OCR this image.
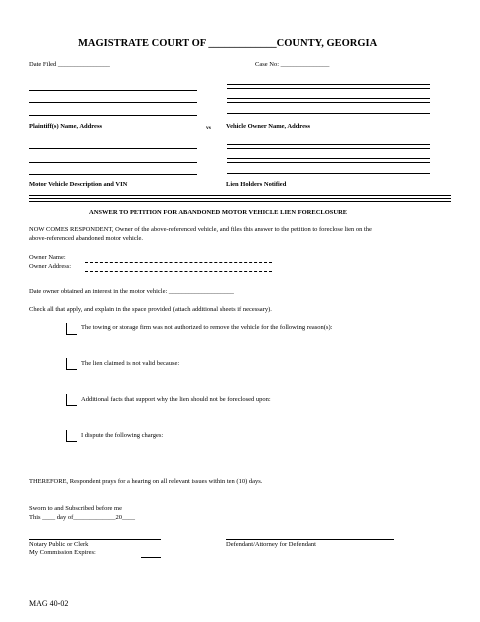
MAGISTRATE COURT OF _____________COUNTY, GEORGIA
Date Filed ________________	Case No: _______________
Plaintiff(s) Name, Address	vs Vehicle Owner Name, Address
Motor Vehicle Description and VIN	Lien Holders Notified
ANSWER TO PETITION FOR ABANDONED MOTOR VEHICLE LIEN FORECLOSURE
NOW COMES RESPONDENT, Owner of the above-referenced vehicle, and files this answer to the petition to foreclose lien on the
above-referenced abandoned motor vehicle.
Owner Name:
Owner Address:
Date owner obtained an interest in the motor vehicle: ____________________
Check all that apply, and explain in the space provided (attach additional sheets if necessary).
The towing or storage firm was not authorized to remove the vehicle for the following reason(s):
The lien claimed is not valid because:
Additional facts that support why the lien should not be foreclosed upon:
I dispute the following charges:
THEREFORE, Respondent prays for a hearing on all relevant issues within ten (10) days.
Sworn to and Subscribed before me
This ____ day of_____________20____
Notary Public or Clerk	Defendant/Attorney for Defendant
My Commission Expires:
MAG 40-02
